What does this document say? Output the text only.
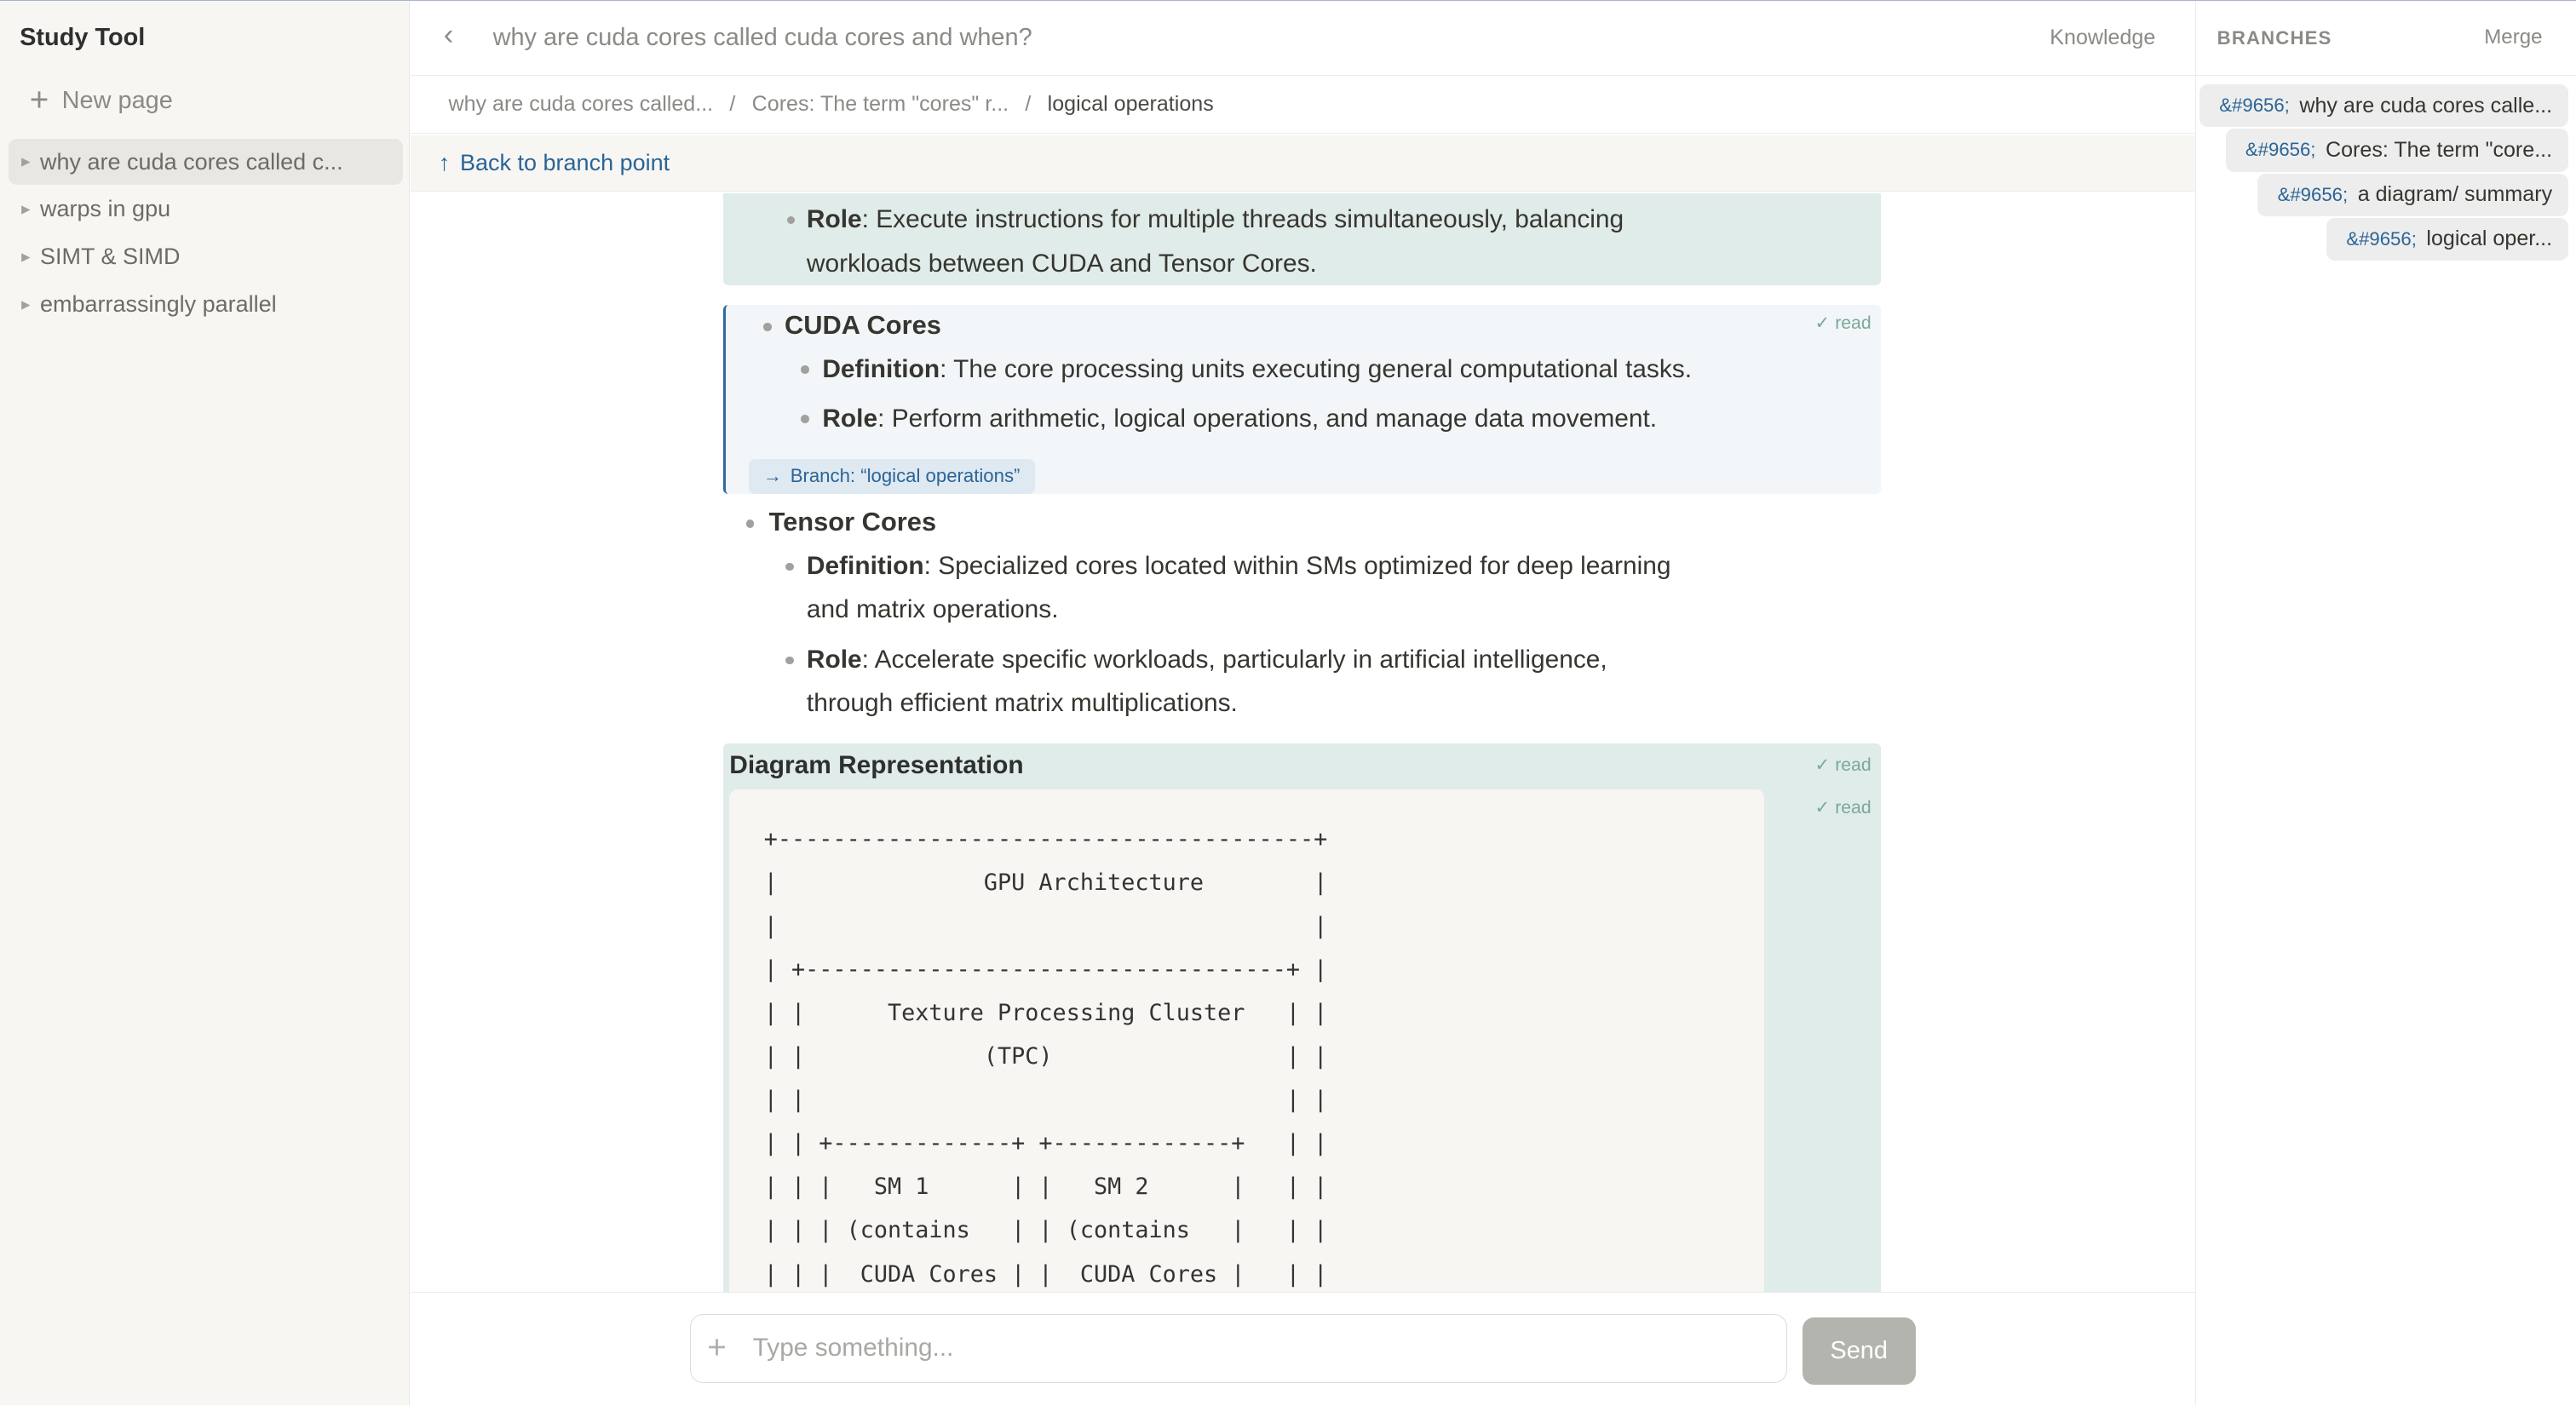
Study Tool
+ New page
▶ why are cuda cores called c...
▶ warps in gpu
▶ SIMT & SIMD
▶ embarrassingly parallel
‹	why are cuda cores called cuda cores and when?	Knowledge
why are cuda cores called... / Cores: The term "cores" r... / logical operations
↑ Back to branch point
Role: Execute instructions for multiple threads simultaneously, balancing
workloads between CUDA and Tensor Cores.
✓ read
CUDA Cores
Definition: The core processing units executing general computational tasks.
Role: Perform arithmetic, logical operations, and manage data movement.
→ Branch: “logical operations”
Tensor Cores
Definition: Specialized cores located within SMs optimized for deep learning
and matrix operations.
Role: Accelerate specific workloads, particularly in artificial intelligence,
through efficient matrix multiplications.
Diagram Representation	✓ read
+---------------------------------------+
|               GPU Architecture        |
|                                       |
| +-----------------------------------+ |
| |      Texture Processing Cluster   | |
| |             (TPC)                 | |
| |                                   | |
| | +-------------+ +-------------+   | |
| | |   SM 1      | |   SM 2      |   | |
| | | (contains   | | (contains   |   | |
| | |  CUDA Cores | |  CUDA Cores |   | |
✓ read
+
Type something...	Send
BRANCHES	Merge
&#9656; why are cuda cores calle...
&#9656; Cores: The term "core...
&#9656; a diagram/ summary
&#9656; logical oper...
